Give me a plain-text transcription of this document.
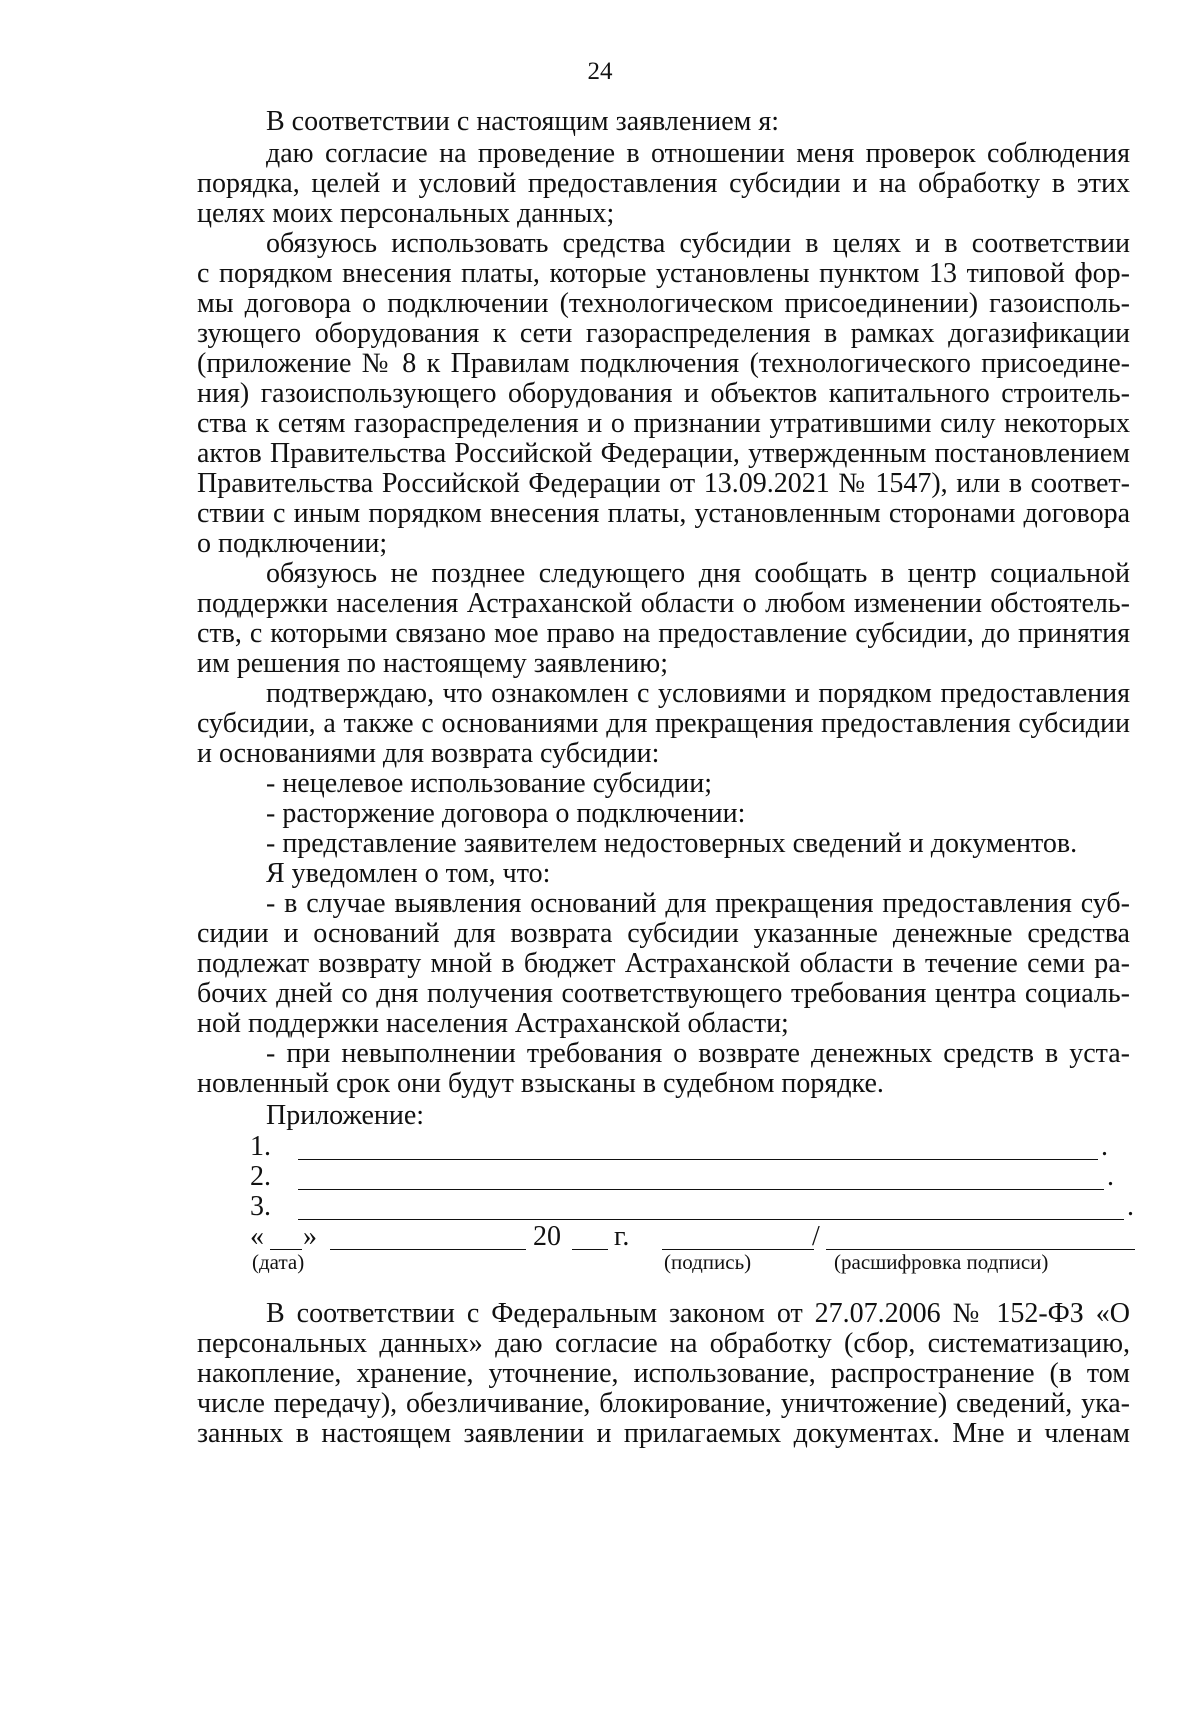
24
В соответствии с настоящим заявлением я:
даю согласие на проведение в отношении меня проверок соблюдения
порядка, целей и условий предоставления субсидии и на обработку в этих
целях моих персональных данных;
обязуюсь использовать средства субсидии в целях и в соответствии
с порядком внесения платы, которые установлены пунктом 13 типовой фор-
мы договора о подключении (технологическом присоединении) газоисполь-
зующего оборудования к сети газораспределения в рамках догазификации
(приложение № 8 к Правилам подключения (технологического присоедине-
ния) газоиспользующего оборудования и объектов капитального строитель-
ства к сетям газораспределения и о признании утратившими силу некоторых
актов Правительства Российской Федерации, утвержденным постановлением
Правительства Российской Федерации от 13.09.2021 № 1547), или в соответ-
ствии с иным порядком внесения платы, установленным сторонами договора
о подключении;
обязуюсь не позднее следующего дня сообщать в центр социальной
поддержки населения Астраханской области о любом изменении обстоятель-
ств, с которыми связано мое право на предоставление субсидии, до принятия
им решения по настоящему заявлению;
подтверждаю, что ознакомлен с условиями и порядком предоставления
субсидии, а также с основаниями для прекращения предоставления субсидии
и основаниями для возврата субсидии:
- нецелевое использование субсидии;
- расторжение договора о подключении:
- представление заявителем недостоверных сведений и документов.
Я уведомлен о том, что:
- в случае выявления оснований для прекращения предоставления суб-
сидии и оснований для возврата субсидии указанные денежные средства
подлежат возврату мной в бюджет Астраханской области в течение семи ра-
бочих дней со дня получения соответствующего требования центра социаль-
ной поддержки населения Астраханской области;
- при невыполнении требования о возврате денежных средств в уста-
новленный срок они будут взысканы в судебном порядке.
Приложение:
1.	.
2.	.
3.	.
« »	20 г.	/
(дата)	(подпись)	(расшифровка подписи)
В соответствии с Федеральным законом от 27.07.2006 № 152-ФЗ «О
персональных данных» даю согласие на обработку (сбор, систематизацию,
накопление, хранение, уточнение, использование, распространение (в том
числе передачу), обезличивание, блокирование, уничтожение) сведений, ука-
занных в настоящем заявлении и прилагаемых документах. Мне и членам
